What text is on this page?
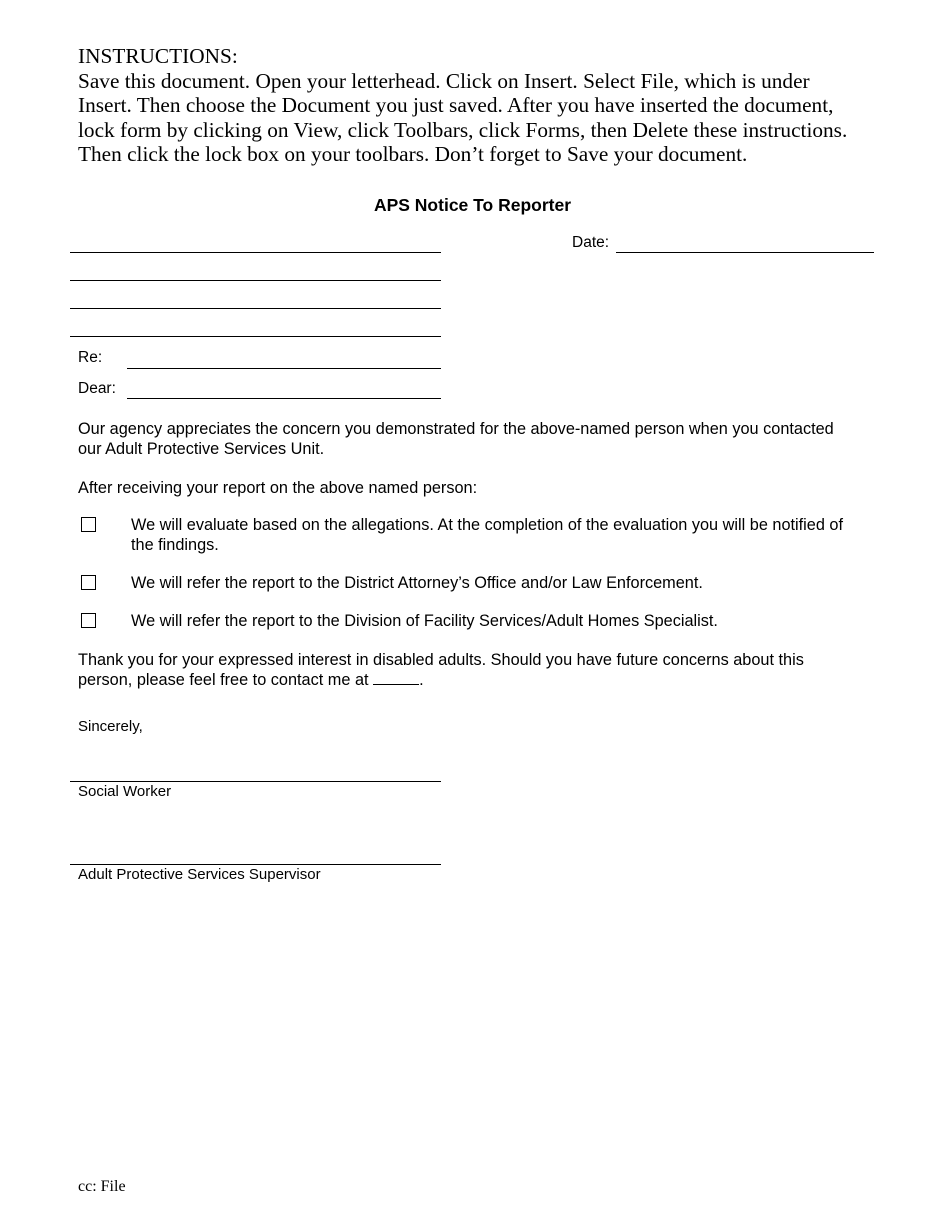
INSTRUCTIONS:
Save this document. Open your letterhead. Click on Insert. Select File, which is under
Insert. Then choose the Document you just saved. After you have inserted the document,
lock form by clicking on View, click Toolbars, click Forms, then Delete these instructions.
Then click the lock box on your toolbars. Don’t forget to Save your document.
APS Notice To Reporter
Date:
Re:
Dear:
Our agency appreciates the concern you demonstrated for the above-named person when you contacted
our Adult Protective Services Unit.
After receiving your report on the above named person:
We will evaluate based on the allegations. At the completion of the evaluation you will be notified of
the findings.
We will refer the report to the District Attorney’s Office and/or Law Enforcement.
We will refer the report to the Division of Facility Services/Adult Homes Specialist.
Thank you for your expressed interest in disabled adults. Should you have future concerns about this
person, please feel free to contact me at	.
Sincerely,
Social Worker
Adult Protective Services Supervisor
cc: File
